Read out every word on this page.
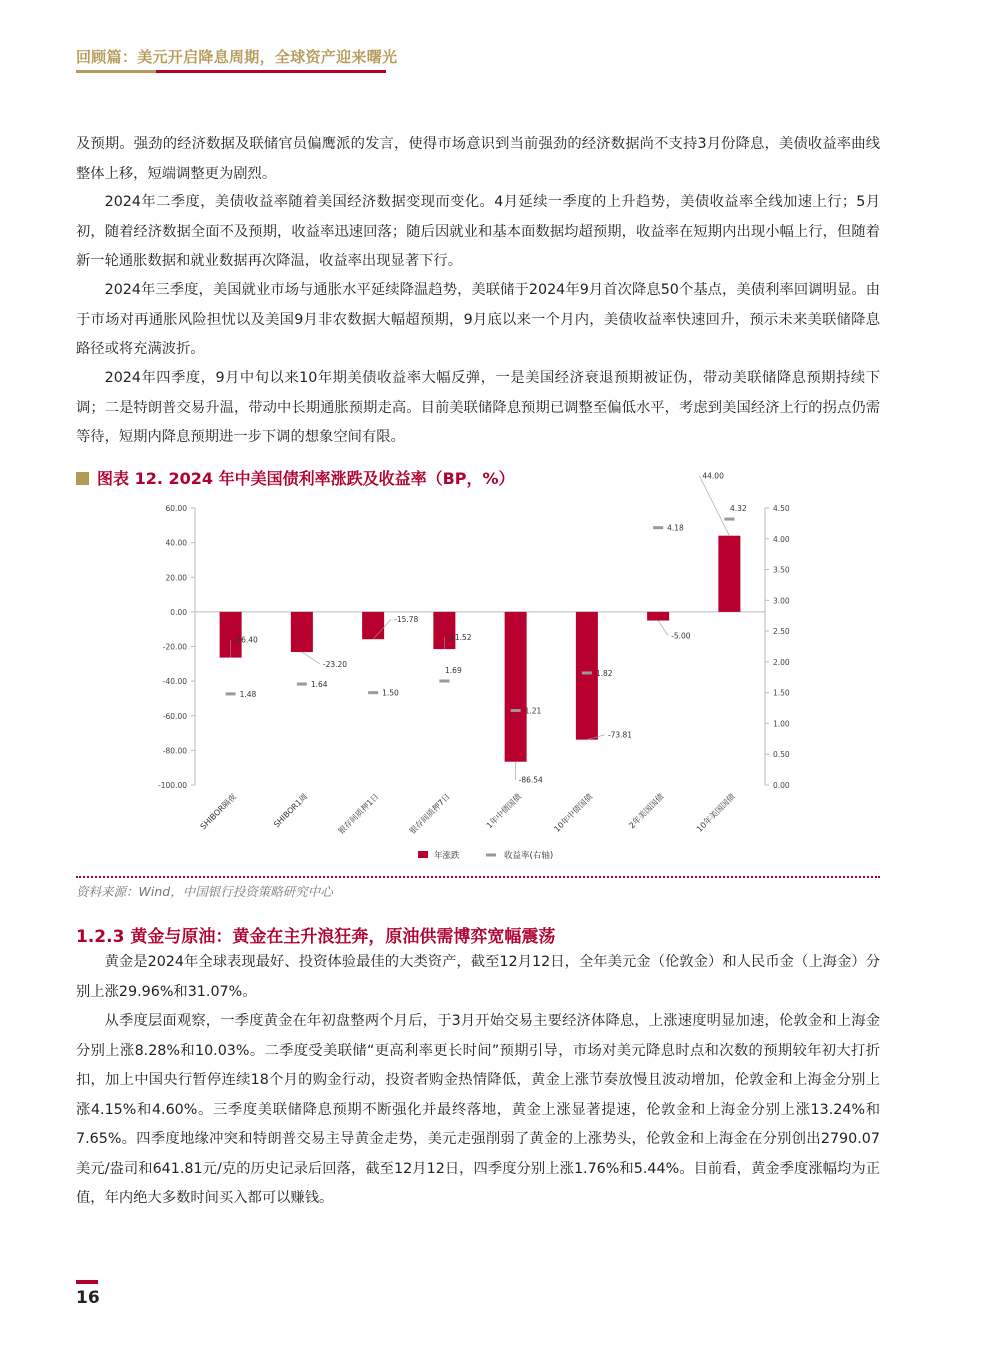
回顾篇：美元开启降息周期，全球资产迎来曙光

及预期。强劲的经济数据及联储官员偏鹰派的发言，使得市场意识到当前强劲的经济数据尚不支持3月份降息，美债收益率曲线整体上移，短端调整更为剧烈。

2024年二季度，美债收益率随着美国经济数据变现而变化。4月延续一季度的上升趋势，美债收益率全线加速上行；5月初，随着经济数据全面不及预期，收益率迅速回落；随后因就业和基本面数据均超预期，收益率在短期内出现小幅上行，但随着新一轮通胀数据和就业数据再次降温，收益率出现显著下行。

2024年三季度，美国就业市场与通胀水平延续降温趋势，美联储于2024年9月首次降息50个基点，美债利率回调明显。由于市场对再通胀风险担忧以及美国9月非农数据大幅超预期，9月底以来一个月内，美债收益率快速回升，预示未来美联储降息路径或将充满波折。

2024年四季度，9月中旬以来10年期美债收益率大幅反弹，一是美国经济衰退预期被证伪，带动美联储降息预期持续下调；二是特朗普交易升温，带动中长期通胀预期走高。目前美联储降息预期已调整至偏低水平，考虑到美国经济上行的拐点仍需等待，短期内降息预期进一步下调的想象空间有限。

图表 12. 2024 年中美国债利率涨跌及收益率（BP，%）
60.00
40.00
20.00
0.00
-20.00
-40.00
-60.00
-80.00
-100.00
4.50
4.00
3.50
3.00
2.50
2.00
1.50
1.00
0.50
0.00
-26.40
1.48
SHIBOR隔夜
-23.20
1.64
SHIBOR1周
-15.78
1.50
银存间质押1日
-21.52
1.69
银存间质押7日
-86.54
1.21
1年中债国债
-73.81
1.82
10年中债国债
-5.00
4.18
2年美国国债
44.00
4.32
10年美国国债
年涨跌	收益率(右轴)
资料来源：Wind，中国银行投资策略研究中心
1.2.3 黄金与原油：黄金在主升浪狂奔，原油供需博弈宽幅震荡

黄金是2024年全球表现最好、投资体验最佳的大类资产，截至12月12日，全年美元金（伦敦金）和人民币金（上海金）分别上涨29.96%和31.07%。

从季度层面观察，一季度黄金在年初盘整两个月后，于3月开始交易主要经济体降息，上涨速度明显加速，伦敦金和上海金分别上涨8.28%和10.03%。二季度受美联储“更高利率更长时间”预期引导，市场对美元降息时点和次数的预期较年初大打折扣，加上中国央行暂停连续18个月的购金行动，投资者购金热情降低，黄金上涨节奏放慢且波动增加，伦敦金和上海金分别上涨4.15%和4.60%。三季度美联储降息预期不断强化并最终落地，黄金上涨显著提速，伦敦金和上海金分别上涨13.24%和7.65%。四季度地缘冲突和特朗普交易主导黄金走势，美元走强削弱了黄金的上涨势头，伦敦金和上海金在分别创出2790.07美元/盎司和641.81元/克的历史记录后回落，截至12月12日，四季度分别上涨1.76%和5.44%。目前看，黄金季度涨幅均为正值，年内绝大多数时间买入都可以赚钱。

16
